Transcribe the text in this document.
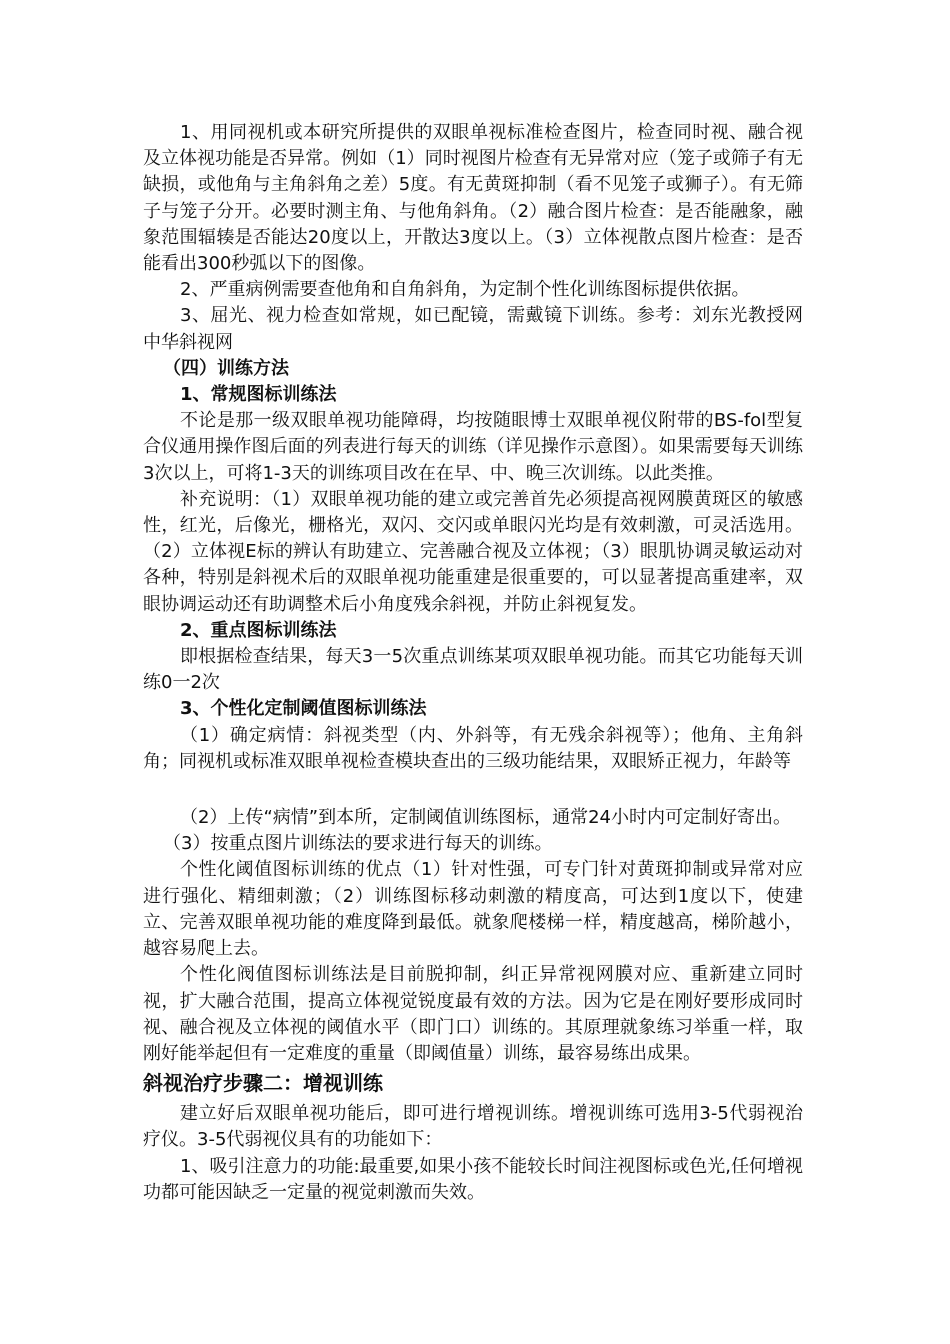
1、用同视机或本研究所提供的双眼单视标准检查图片，检查同时视、融合视及立体视功能是否异常。例如（1）同时视图片检查有无异常对应（笼子或筛子有无缺损，或他角与主角斜角之差）5度。有无黄斑抑制（看不见笼子或狮子）。有无筛子与笼子分开。必要时测主角、与他角斜角。（2）融合图片检查：是否能融象，融象范围辐辏是否能达20度以上，开散达3度以上。（3）立体视散点图片检查：是否能看出300秒弧以下的图像。

2、严重病例需要查他角和自角斜角，为定制个性化训练图标提供依据。

3、屈光、视力检查如常规，如已配镜，需戴镜下训练。参考：刘东光教授网中华斜视网

（四）训练方法

1、常规图标训练法

不论是那一级双眼单视功能障碍，均按随眼博士双眼单视仪附带的BS-fol型复合仪通用操作图后面的列表进行每天的训练（详见操作示意图）。如果需要每天训练3次以上，可将1-3天的训练项目改在在早、中、晚三次训练。以此类推。

补充说明：（1）双眼单视功能的建立或完善首先必须提高视网膜黄斑区的敏感性，红光，后像光，栅格光，双闪、交闪或单眼闪光均是有效刺激，可灵活选用。（2）立体视E标的辨认有助建立、完善融合视及立体视；（3）眼肌协调灵敏运动对各种，特别是斜视术后的双眼单视功能重建是很重要的，可以显著提高重建率，双眼协调运动还有助调整术后小角度残余斜视，并防止斜视复发。

2、重点图标训练法

即根据检查结果，每天3一5次重点训练某项双眼单视功能。而其它功能每天训练0一2次

3、个性化定制阈值图标训练法

（1）确定病情：斜视类型（内、外斜等，有无残余斜视等）；他角、主角斜角；同视机或标准双眼单视检查模块查出的三级功能结果，双眼矫正视力，年龄等

（2）上传“病情”到本所，定制阈值训练图标，通常24小时内可定制好寄出。

（3）按重点图片训练法的要求进行每天的训练。

个性化阈值图标训练的优点（1）针对性强，可专门针对黄斑抑制或异常对应进行强化、精细刺激；（2）训练图标移动刺激的精度高，可达到1度以下，使建立、完善双眼单视功能的难度降到最低。就象爬楼梯一样，精度越高，梯阶越小，越容易爬上去。

个性化阀值图标训练法是目前脱抑制，纠正异常视网膜对应、重新建立同时视，扩大融合范围，提高立体视觉锐度最有效的方法。因为它是在刚好要形成同时视、融合视及立体视的阈值水平（即门口）训练的。其原理就象练习举重一样，取刚好能举起但有一定难度的重量（即阈值量）训练，最容易练出成果。

斜视治疗步骤二：增视训练

建立好后双眼单视功能后，即可进行增视训练。增视训练可选用3-5代弱视治疗仪。3-5代弱视仪具有的功能如下：

1、吸引注意力的功能:最重要,如果小孩不能较长时间注视图标或色光,任何增视功都可能因缺乏一定量的视觉刺激而失效。
